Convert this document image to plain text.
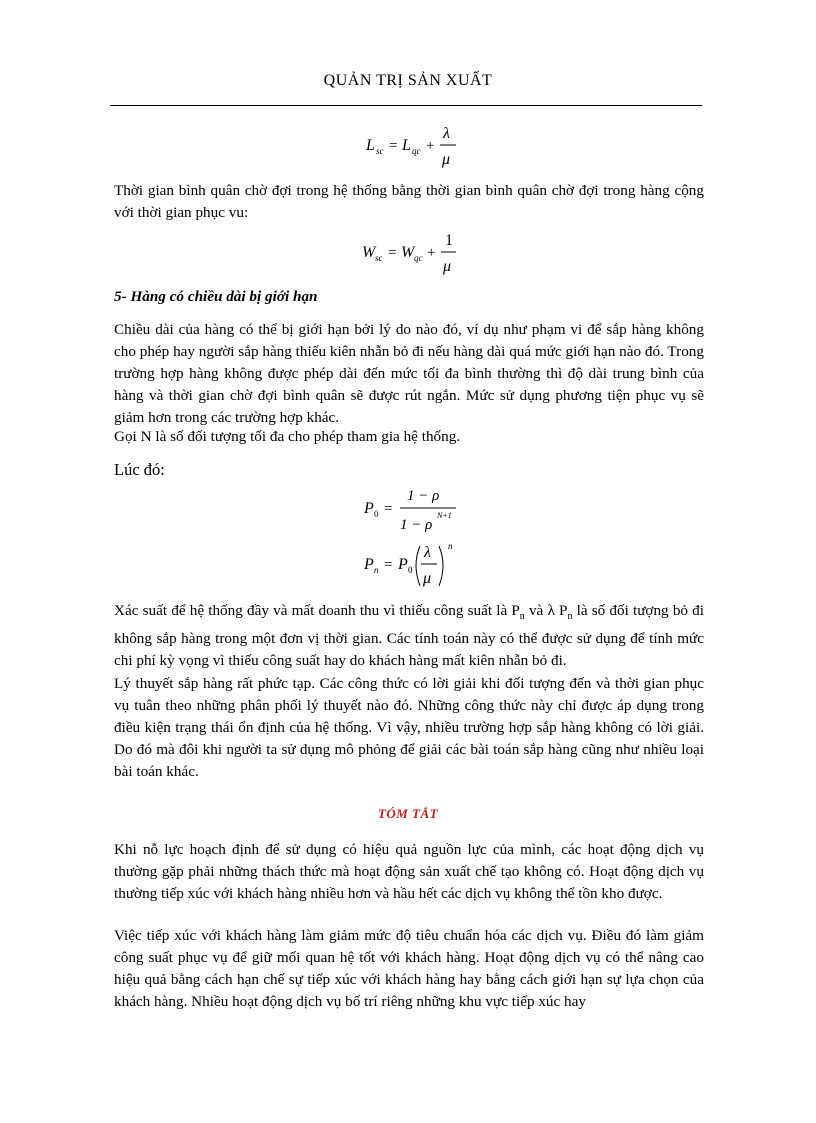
QUẢN TRỊ SẢN XUẤT
L sc = L qc +
λ
μ

Thời gian bình quân chờ đợi trong hệ thống bằng thời gian bình quân chờ đợi trong hàng cộng với thời gian phục vu:

W sc = W qc +
1
μ
5- Hàng có chiều dài bị giới hạn

Chiều dài của hàng có thể bị giới hạn bởi lý do nào đó, ví dụ như phạm vi để sắp hàng không cho phép hay người sắp hàng thiếu kiên nhẫn bỏ đi nếu hàng dài quá mức giới hạn nào đó. Trong trường hợp hàng không được phép dài đến mức tối đa bình thường thì độ dài trung bình của hàng và thời gian chờ đợi bình quân sẽ được rút ngắn. Mức sử dụng phương tiện phục vụ sẽ giảm hơn trong các trường hợp khác.

Gọi N là số đối tượng tối đa cho phép tham gia hệ thống.

Lúc đó:
P 0 =
1 − ρ
1 − ρ
N+1
P n = P 0
λ
μ
n

Xác suất để hệ thống đầy và mất doanh thu vì thiếu công suất là $P_n$ và λ $P_n$ là số đối tượng bỏ đi không sắp hàng trong một đơn vị thời gian. Các tính toán này có thể được sử dụng để tính mức chi phí kỳ vọng vì thiếu công suất hay do khách hàng mất kiên nhẫn bỏ đi.

Lý thuyết sắp hàng rất phức tạp. Các công thức có lời giải khi đối tượng đến và thời gian phục vụ tuân theo những phân phối lý thuyết nào đó. Những công thức này chỉ được áp dụng trong điều kiện trạng thái ổn định của hệ thống. Vì vậy, nhiều trường hợp sắp hàng không có lời giải. Do đó mà đôi khi người ta sử dụng mô phỏng để giải các bài toán sắp hàng cũng như nhiều loại bài toán khác.

TÓM TẮT

Khi nỗ lực hoạch định để sử dụng có hiệu quả nguồn lực của mình, các hoạt động dịch vụ thường gặp phải những thách thức mà hoạt động sản xuất chế tạo không có. Hoạt động dịch vụ thường tiếp xúc với khách hàng nhiều hơn và hầu hết các dịch vụ không thể tồn kho được.

Việc tiếp xúc với khách hàng làm giảm mức độ tiêu chuẩn hóa các dịch vụ. Điều đó làm giảm công suất phục vụ để giữ mối quan hệ tốt với khách hàng. Hoạt động dịch vụ có thể nâng cao hiệu quả bằng cách hạn chế sự tiếp xúc với khách hàng hay bằng cách giới hạn sự lựa chọn của khách hàng. Nhiều hoạt động dịch vụ bố trí riêng những khu vực tiếp xúc hay
